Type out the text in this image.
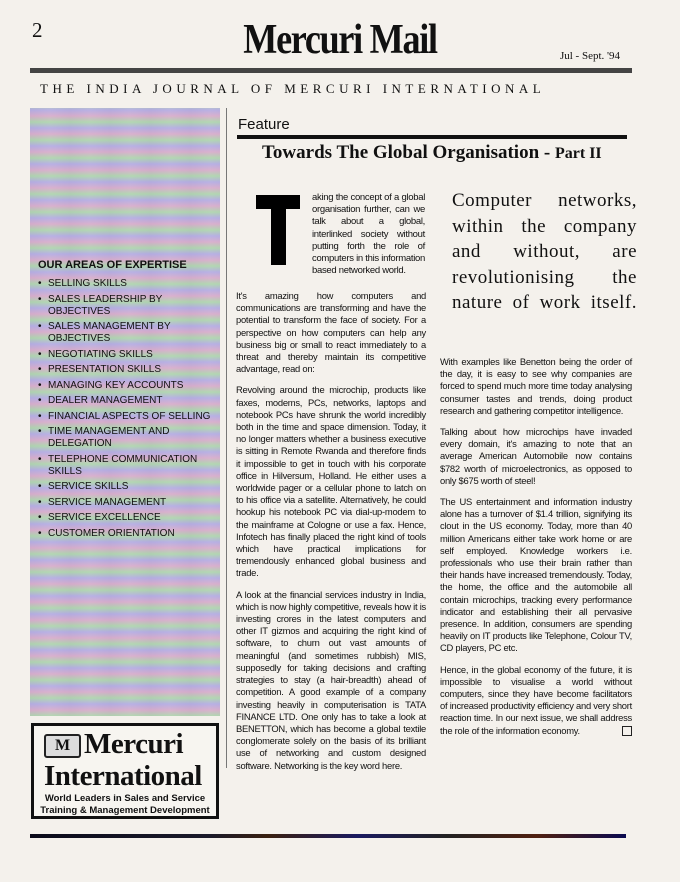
2	Mercuri Mail	Jul - Sept. '94
THE INDIA JOURNAL OF MERCURI INTERNATIONAL
OUR AREAS OF EXPERTISE
• SELLING SKILLS
• SALES LEADERSHIP BY OBJECTIVES
• SALES MANAGEMENT BY OBJECTIVES
• NEGOTIATING SKILLS
• PRESENTATION SKILLS
• MANAGING KEY ACCOUNTS
• DEALER MANAGEMENT
• FINANCIAL ASPECTS OF SELLING
• TIME MANAGEMENT AND DELEGATION
• TELEPHONE COMMUNICATION SKILLS
• SERVICE SKILLS
• SERVICE MANAGEMENT
• SERVICE EXCELLENCE
• CUSTOMER ORIENTATION
M Mercuri
International
World Leaders in Sales and Service
Training & Management Development
Feature
Towards The Global Organisation - Part II
aking the concept of a global organisation further, can we talk about a global, interlinked society without putting forth the role of computers in this information based networked world.

It's amazing how computers and communications are transforming and have the potential to transform the face of society. For a perspective on how computers can help any business big or small to react immediately to a threat and thereby maintain its competitive advantage, read on:

Revolving around the microchip, products like faxes, modems, PCs, networks, laptops and notebook PCs have shrunk the world incredibly both in the time and space dimension. Today, it no longer matters whether a business executive is sitting in Remote Rwanda and therefore finds it impossible to get in touch with his corporate office in Hilversum, Holland. He either uses a worldwide pager or a cellular phone to latch on to his office via a satellite. Alternatively, he could hookup his notebook PC via dial-up-modem to the mainframe at Cologne or use a fax. Hence, Infotech has finally placed the right kind of tools which have practical implications for tremendously enhanced global business and trade.

A look at the financial services industry in India, which is now highly competitive, reveals how it is investing crores in the latest computers and other IT gizmos and acquiring the right kind of software, to churn out vast amounts of meaningful (and sometimes rubbish) MIS, supposedly for taking decisions and crafting strategies to stay (a hair-breadth) ahead of competition. A good example of a company investing heavily in computerisation is TATA FINANCE LTD. One only has to take a look at BENETTON, which has become a global textile conglomerate solely on the basis of its brilliant use of networking and custom designed software. Networking is the key word here.

Computer networks, within the company and without, are revolutionising the nature of work itself.

With examples like Benetton being the order of the day, it is easy to see why companies are forced to spend much more time today analysing consumer tastes and trends, doing product research and gathering competitor intelligence.

Talking about how microchips have invaded every domain, it's amazing to note that an average American Automobile now contains $782 worth of microelectronics, as opposed to only $675 worth of steel!

The US entertainment and information industry alone has a turnover of $1.4 trillion, signifying its clout in the US economy. Today, more than 40 million Americans either take work home or are self employed. Knowledge workers i.e. professionals who use their brain rather than their hands have increased tremendously. Today, the home, the office and the automobile all contain microchips, tracking every performance indicator and establishing their all pervasive presence. In addition, consumers are spending heavily on IT products like Telephone, Colour TV, CD players, PC etc.

Hence, in the global economy of the future, it is impossible to visualise a world without computers, since they have become facilitators of increased productivity efficiency and very short reaction time. In our next issue, we shall address the role of the information economy.
